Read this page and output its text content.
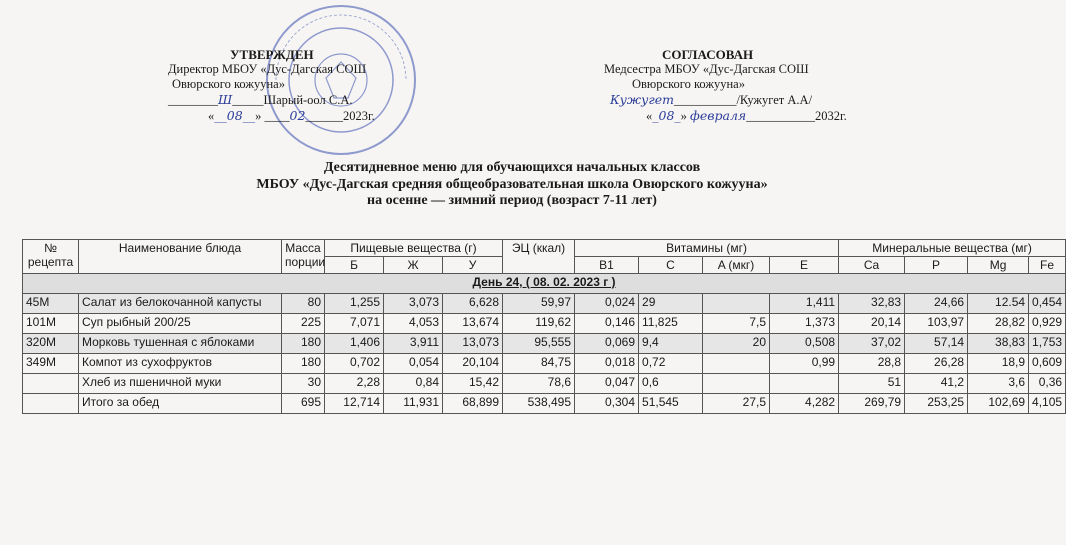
УТВЕРЖДЕН
Директор МБОУ «Дус-Дагская СОШ
Овюрского кожууна»
________Ш_____Шарый-оол С.А.
«__08__» ____02______2023г.
СОГЛАСОВАН
Медсестра МБОУ «Дус-Дагская СОШ
Овюрского кожууна»
Кужугет__________/Кужугет А.А/
«_08_» февраля___________2032г.
Десятидневное меню для обучающихся начальных классов
МБОУ «Дус-Дагская средняя общеобразовательная школа Овюрского кожууна»
на осенне — зимний период (возраст 7-11 лет)
№ рецепта	Наименование блюда	Масса порции	Пищевые вещества (г)			ЭЦ (ккал)	Витамины (мг)				Минеральные вещества (мг)			
			Б	Ж	У		B1	C	A (мкг)	E	Ca	P	Mg	Fe
День 24, ( 08. 02. 2023 г )														
45М	Салат из белокочанной капусты	80	1,255	3,073	6,628	59,97	0,024	29		1,411	32,83	24,66	12.54	0,454
101М	Суп рыбный 200/25	225	7,071	4,053	13,674	119,62	0,146	11,825	7,5	1,373	20,14	103,97	28,82	0,929
320М	Морковь тушенная с яблоками	180	1,406	3,911	13,073	95,555	0,069	9,4	20	0,508	37,02	57,14	38,83	1,753
349М	Компот из сухофруктов	180	0,702	0,054	20,104	84,75	0,018	0,72		0,99	28,8	26,28	18,9	0,609
	Хлеб из пшеничной муки	30	2,28	0,84	15,42	78,6	0,047	0,6			51	41,2	3,6	0,36
	Итого за обед	695	12,714	11,931	68,899	538,495	0,304	51,545	27,5	4,282	269,79	253,25	102,69	4,105
